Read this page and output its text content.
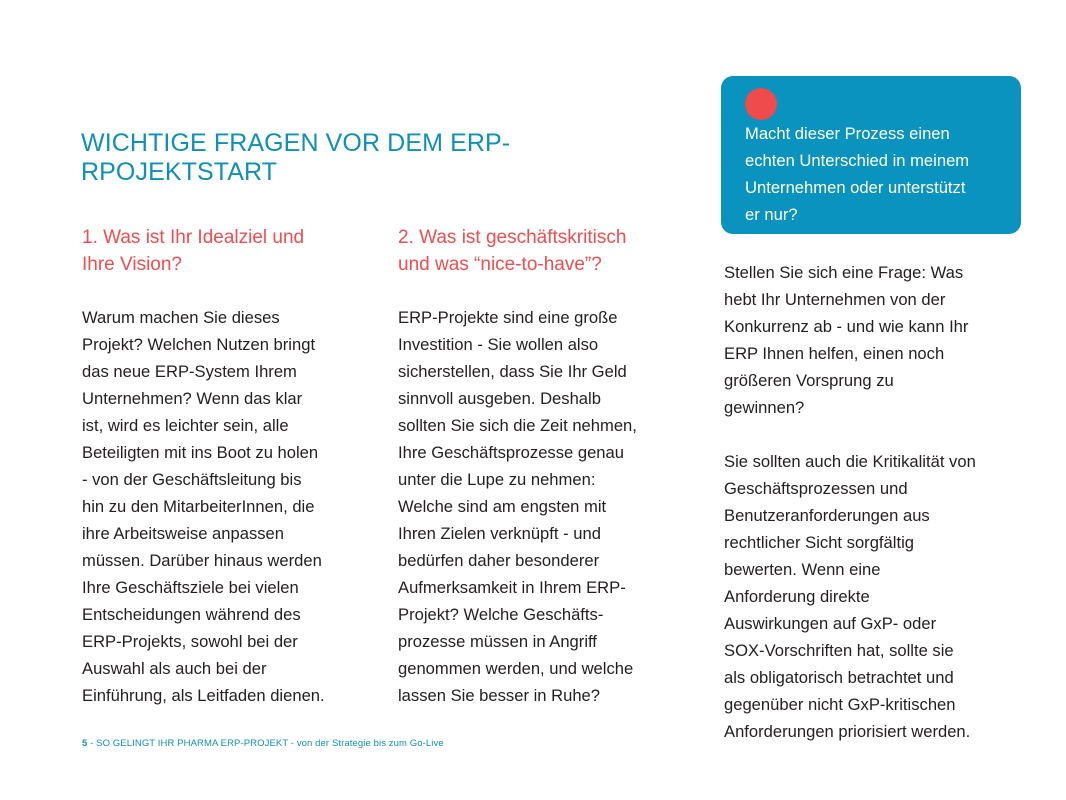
WICHTIGE FRAGEN VOR DEM ERP-
RPOJEKTSTART
1. Was ist Ihr Idealziel und
Ihre Vision?

Warum machen Sie dieses
Projekt? Welchen Nutzen bringt
das neue ERP-System Ihrem
Unternehmen? Wenn das klar
ist, wird es leichter sein, alle
Beteiligten mit ins Boot zu holen
- von der Geschäftsleitung bis
hin zu den MitarbeiterInnen, die
ihre Arbeitsweise anpassen
müssen. Darüber hinaus werden
Ihre Geschäftsziele bei vielen
Entscheidungen während des
ERP-Projekts, sowohl bei der
Auswahl als auch bei der
Einführung, als Leitfaden dienen.

2. Was ist geschäftskritisch
und was “nice-to-have”?

ERP-Projekte sind eine große
Investition - Sie wollen also
sicherstellen, dass Sie Ihr Geld
sinnvoll ausgeben. Deshalb
sollten Sie sich die Zeit nehmen,
Ihre Geschäftsprozesse genau
unter die Lupe zu nehmen:
Welche sind am engsten mit
Ihren Zielen verknüpft - und
bedürfen daher besonderer
Aufmerksamkeit in Ihrem ERP-
Projekt? Welche Geschäfts-
prozesse müssen in Angriff
genommen werden, und welche
lassen Sie besser in Ruhe?

Macht dieser Prozess einen
echten Unterschied in meinem
Unternehmen oder unterstützt
er nur?

Stellen Sie sich eine Frage: Was
hebt Ihr Unternehmen von der
Konkurrenz ab - und wie kann Ihr
ERP Ihnen helfen, einen noch
größeren Vorsprung zu
gewinnen?

Sie sollten auch die Kritikalität von
Geschäftsprozessen und
Benutzeranforderungen aus
rechtlicher Sicht sorgfältig
bewerten. Wenn eine
Anforderung direkte
Auswirkungen auf GxP- oder
SOX-Vorschriften hat, sollte sie
als obligatorisch betrachtet und
gegenüber nicht GxP-kritischen
Anforderungen priorisiert werden.

5 - SO GELINGT IHR PHARMA ERP-PROJEKT - von der Strategie bis zum Go-Live
